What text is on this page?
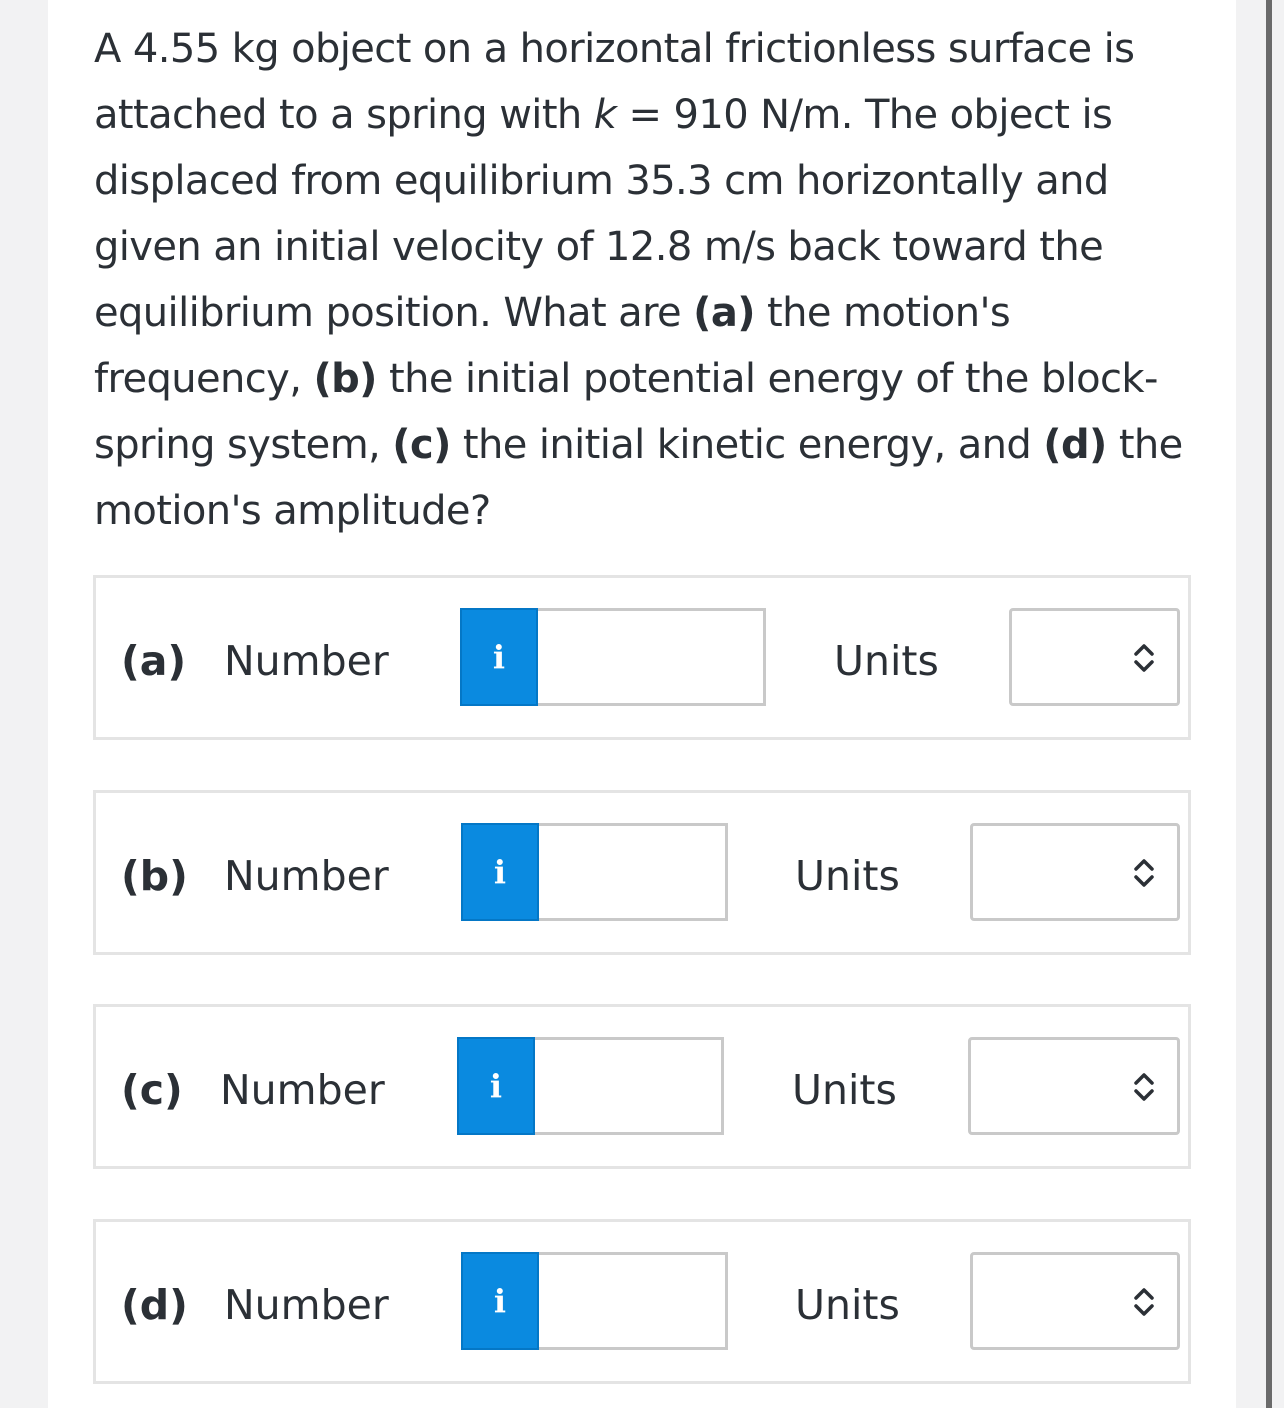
A 4.55 kg object on a horizontal frictionless surface is attached to a spring with k = 910 N/m. The object is displaced from equilibrium 35.3 cm horizontally and given an initial velocity of 12.8 m/s back toward the equilibrium position. What are (a) the motion's frequency, (b) the initial potential energy of the block-spring system, (c) the initial kinetic energy, and (d) the motion's amplitude?
(a) Number	i	Units
(b) Number	i	Units
(c) Number	i	Units
(d) Number	i	Units
